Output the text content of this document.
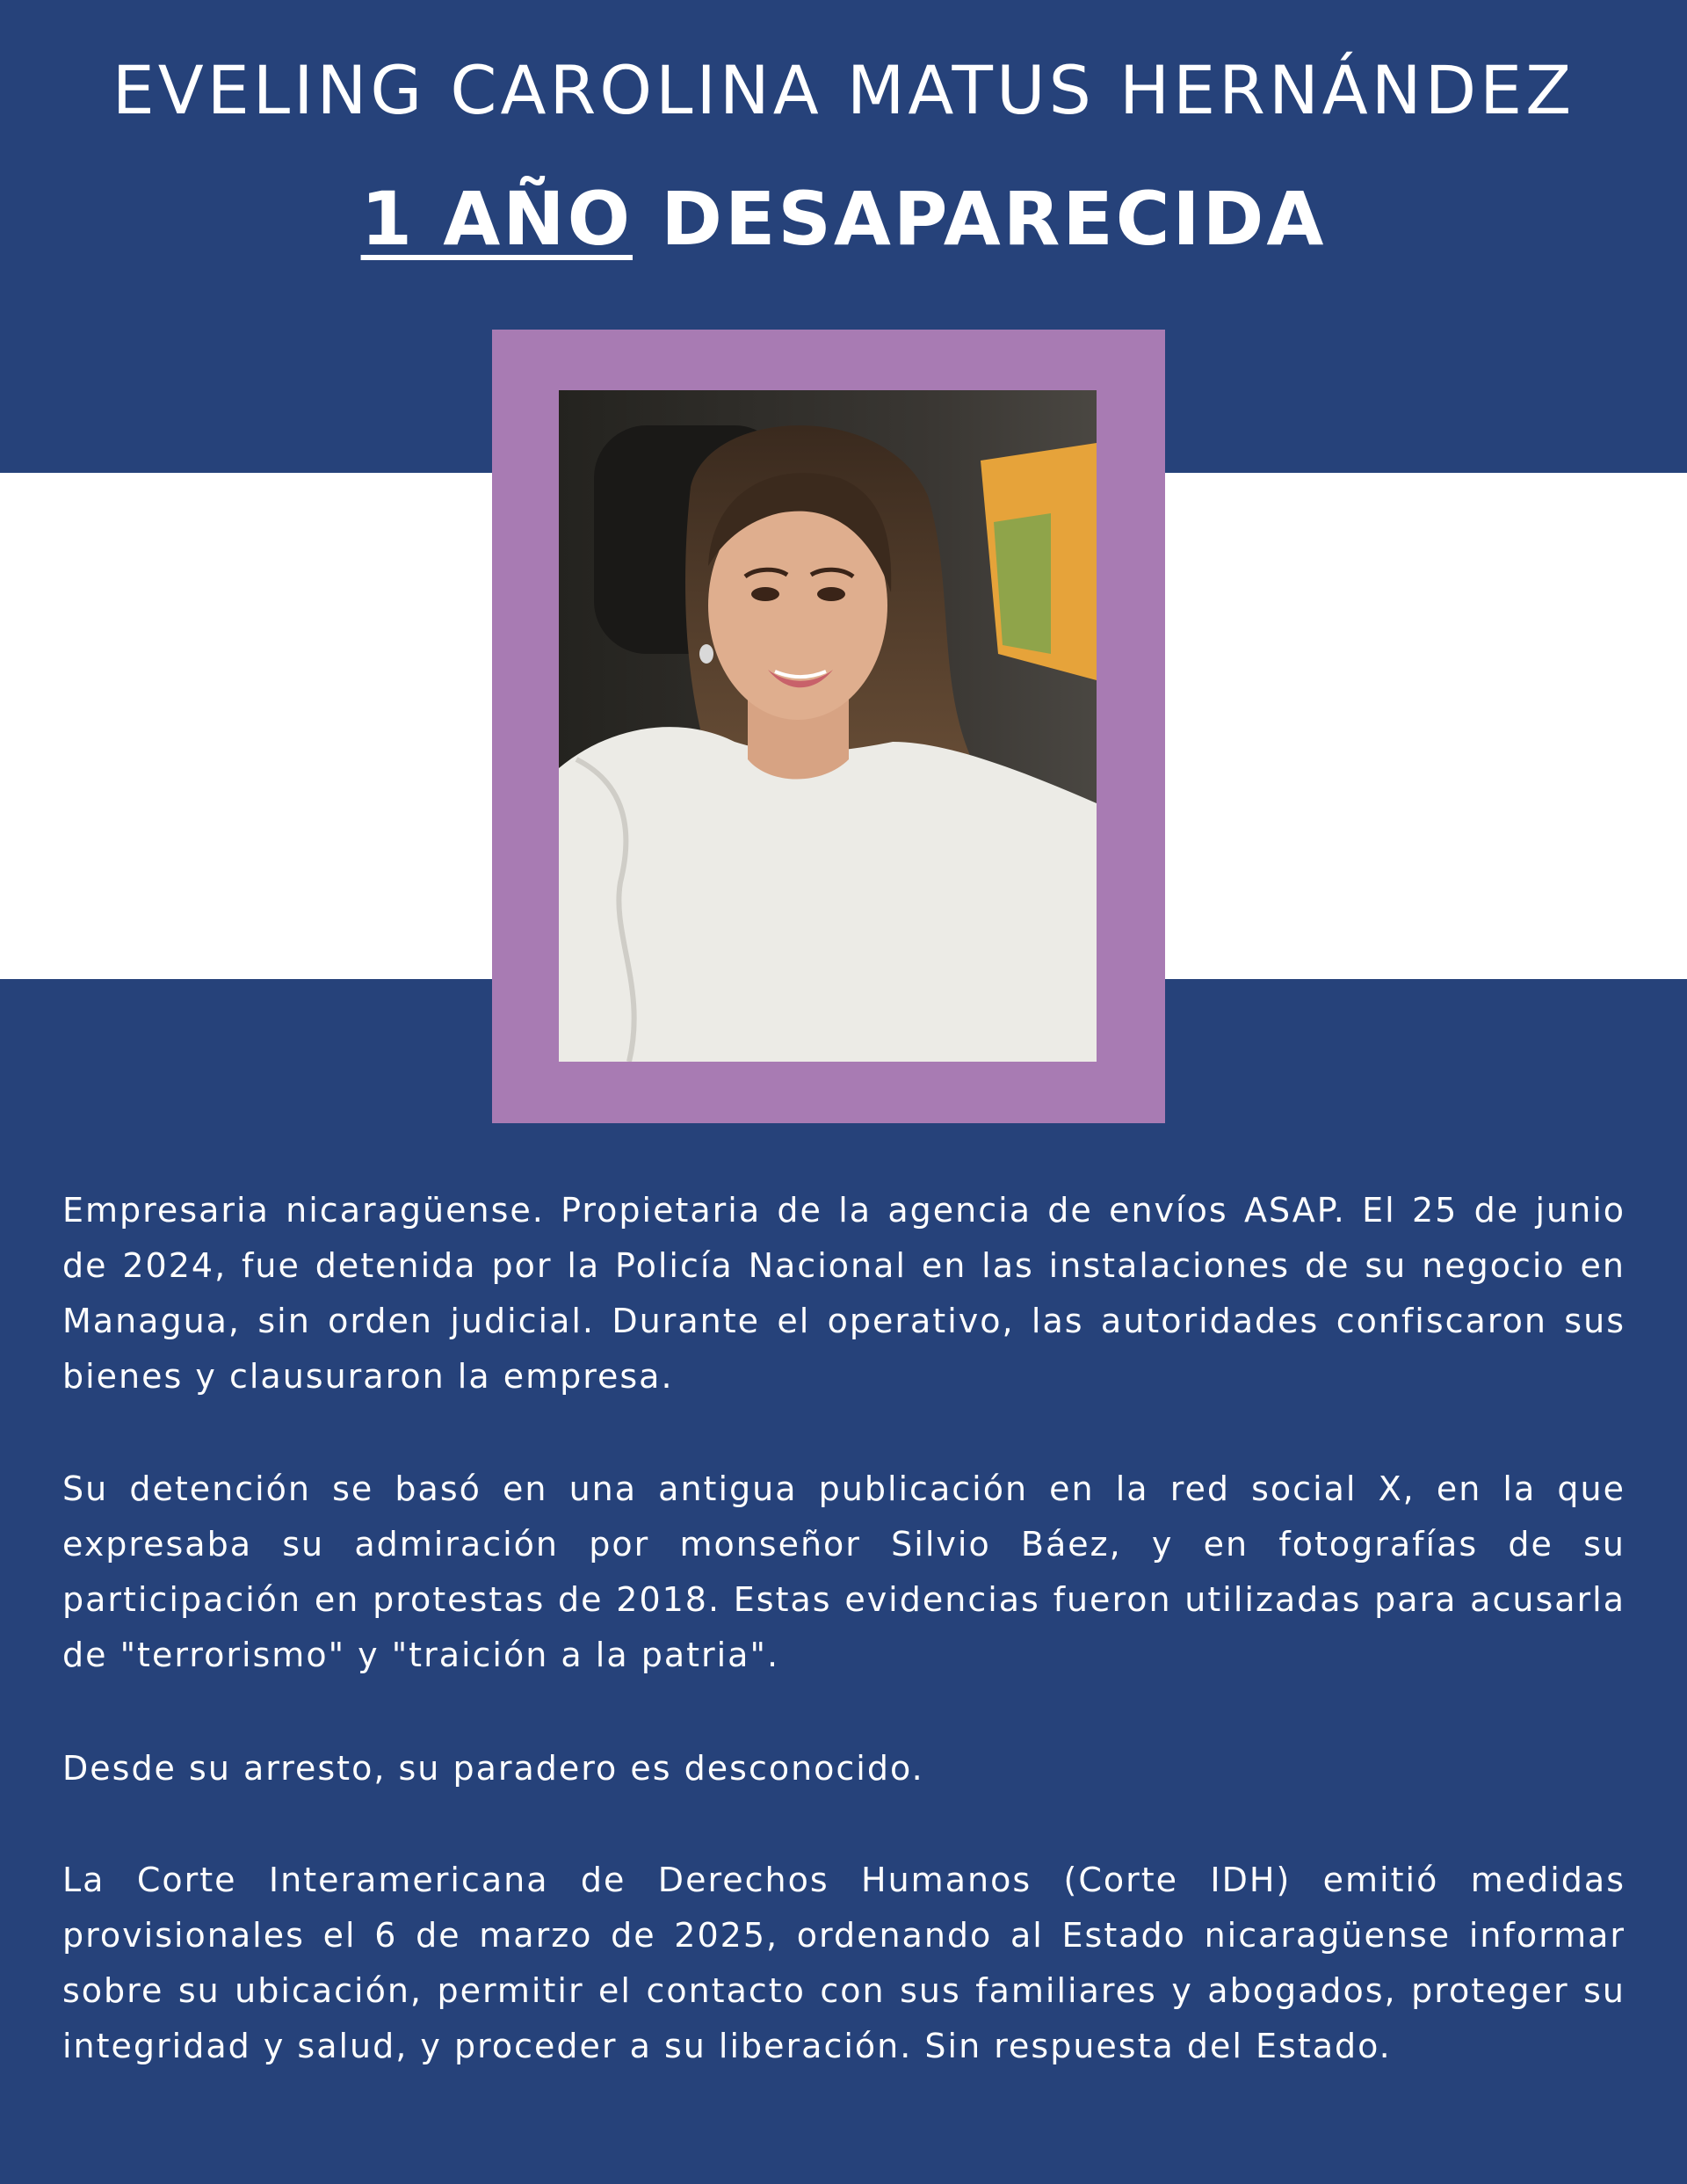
EVELING CAROLINA MATUS HERNÁNDEZ
1 AÑO DESAPARECIDA

Empresaria nicaragüense. Propietaria de la agencia de envíos ASAP. El 25 de junio de 2024, fue detenida por la Policía Nacional en las instalaciones de su negocio en Managua, sin orden judicial. Durante el operativo, las autoridades confiscaron sus bienes y clausuraron la empresa.

Su detención se basó en una antigua publicación en la red social X, en la que expresaba su admiración por monseñor Silvio Báez, y en fotografías de su participación en protestas de 2018. Estas evidencias fueron utilizadas para acusarla de "terrorismo" y "traición a la patria".

Desde su arresto, su paradero es desconocido.

La Corte Interamericana de Derechos Humanos (Corte IDH) emitió medidas provisionales el 6 de marzo de 2025, ordenando al Estado nicaragüense informar sobre su ubicación, permitir el contacto con sus familiares y abogados, proteger su integridad y salud, y proceder a su liberación. Sin respuesta del Estado.
